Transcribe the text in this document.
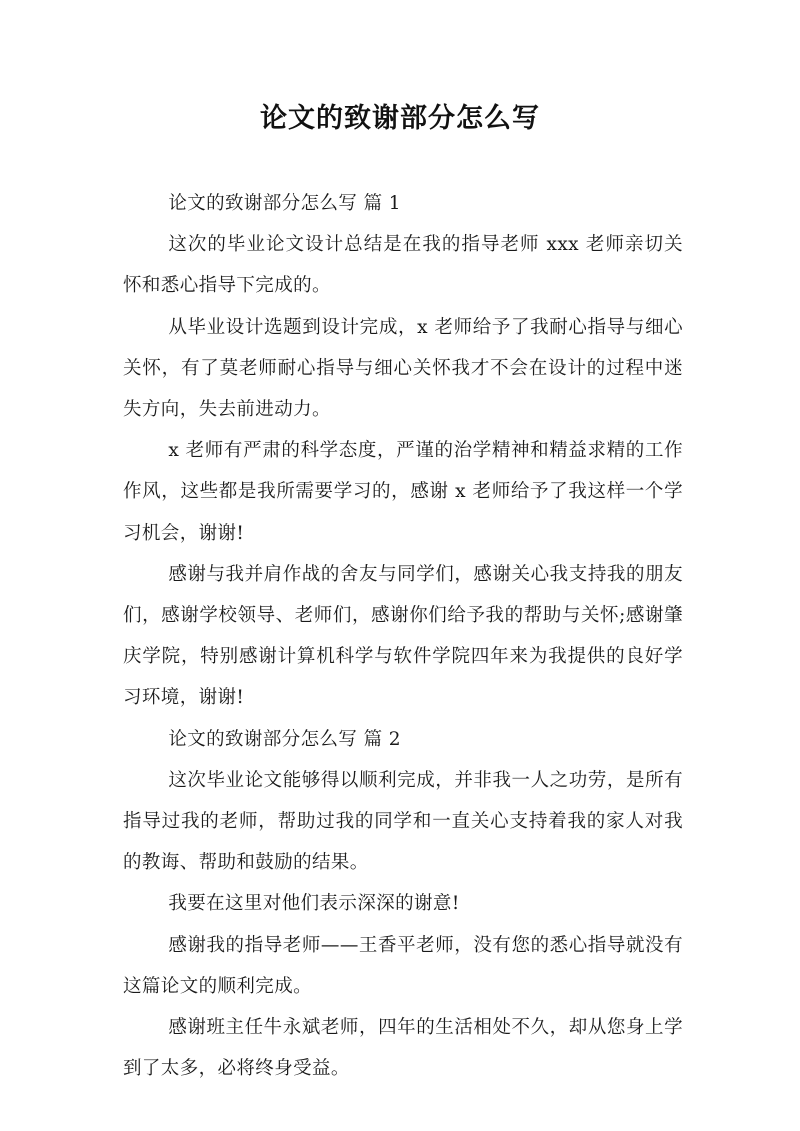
论文的致谢部分怎么写

论文的致谢部分怎么写 篇 1

这次的毕业论文设计总结是在我的指导老师 xxx 老师亲切关怀和悉心指导下完成的。

从毕业设计选题到设计完成，x 老师给予了我耐心指导与细心关怀，有了莫老师耐心指导与细心关怀我才不会在设计的过程中迷失方向，失去前进动力。

x 老师有严肃的科学态度，严谨的治学精神和精益求精的工作作风，这些都是我所需要学习的，感谢 x 老师给予了我这样一个学习机会，谢谢!

感谢与我并肩作战的舍友与同学们，感谢关心我支持我的朋友们，感谢学校领导、老师们，感谢你们给予我的帮助与关怀;感谢肇庆学院，特别感谢计算机科学与软件学院四年来为我提供的良好学习环境，谢谢!

论文的致谢部分怎么写 篇 2

这次毕业论文能够得以顺利完成，并非我一人之功劳，是所有指导过我的老师，帮助过我的同学和一直关心支持着我的家人对我的教诲、帮助和鼓励的结果。

我要在这里对他们表示深深的谢意!

感谢我的指导老师——王香平老师，没有您的悉心指导就没有这篇论文的顺利完成。

感谢班主任牛永斌老师，四年的生活相处不久，却从您身上学到了太多，必将终身受益。
